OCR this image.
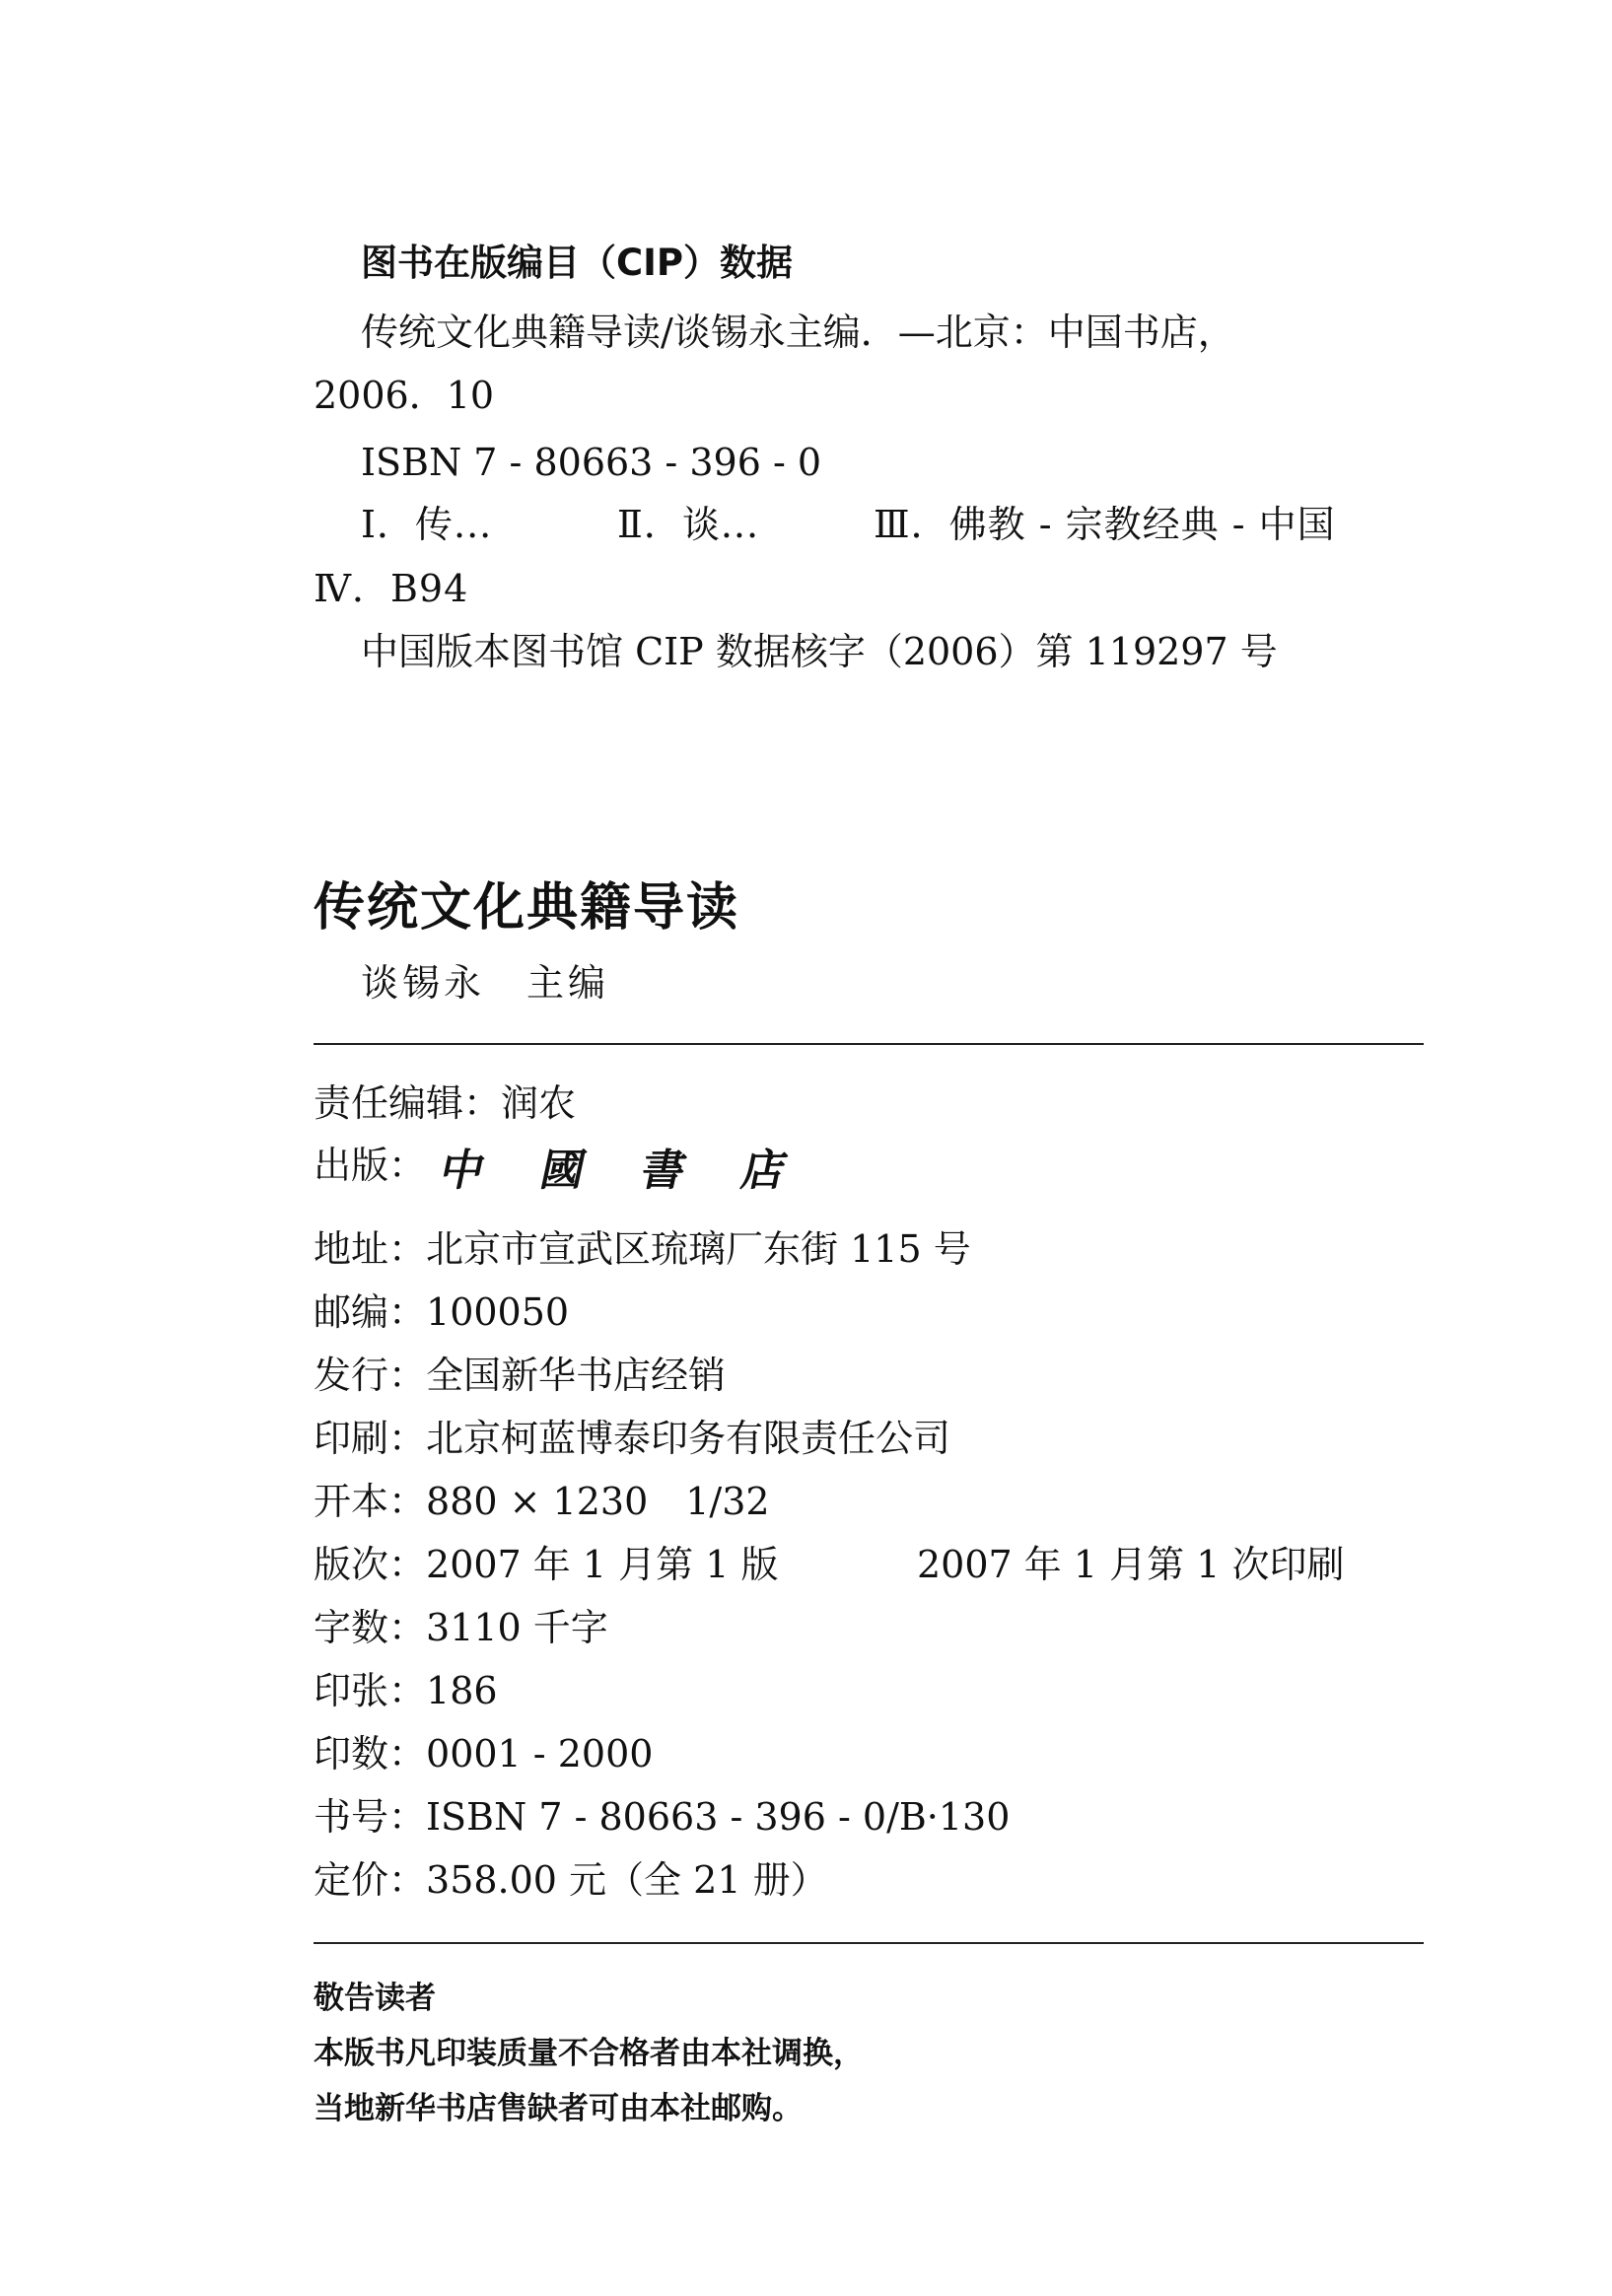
图书在版编目（CIP）数据
传统文化典籍导读/谈锡永主编．—北京：中国书店，
2006．10
ISBN 7 - 80663 - 396 - 0
Ⅰ．传...	Ⅱ．谈...	Ⅲ．佛教 - 宗教经典 - 中国
Ⅳ．B94
中国版本图书馆 CIP 数据核字（2006）第 119297 号
传统文化典籍导读
谈锡永　主编
责任编辑：润农
出版： 中 國 書 店
地址：北京市宣武区琉璃厂东街 115 号
邮编：100050
发行：全国新华书店经销
印刷：北京柯蓝博泰印务有限责任公司
开本：880 × 1230　1/32
版次：2007 年 1 月第 1 版	2007 年 1 月第 1 次印刷
字数：3110 千字
印张：186
印数：0001 - 2000
书号：ISBN 7 - 80663 - 396 - 0/B·130
定价：358.00 元（全 21 册）
敬告读者
本版书凡印装质量不合格者由本社调换，
当地新华书店售缺者可由本社邮购。
